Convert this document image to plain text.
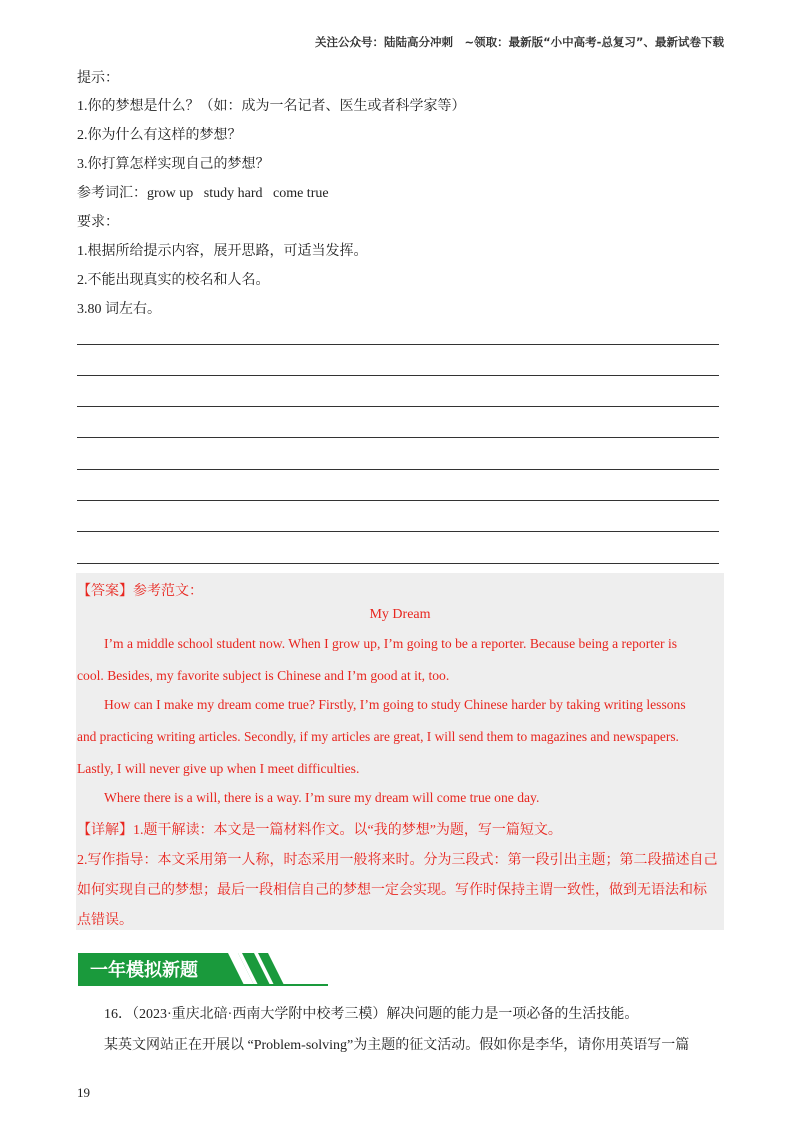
关注公众号：陆陆高分冲刺　~领取：最新版“小中高考-总复习”、最新试卷下载
提示：
1.你的梦想是什么？（如：成为一名记者、医生或者科学家等）
2.你为什么有这样的梦想？
3.你打算怎样实现自己的梦想？
参考词汇：grow up   study hard   come true
要求：
1.根据所给提示内容，展开思路，可适当发挥。
2.不能出现真实的校名和人名。
3.80 词左右。
【答案】参考范文：
My Dream
I’m a middle school student now. When I grow up, I’m going to be a reporter. Because being a reporter is
cool. Besides, my favorite subject is Chinese and I’m good at it, too.
How can I make my dream come true? Firstly, I’m going to study Chinese harder by taking writing lessons
and practicing writing articles. Secondly, if my articles are great, I will send them to magazines and newspapers.
Lastly, I will never give up when I meet difficulties.
Where there is a will, there is a way. I’m sure my dream will come true one day.
【详解】1.题干解读：本文是一篇材料作文。以“我的梦想”为题，写一篇短文。
2.写作指导：本文采用第一人称，时态采用一般将来时。分为三段式：第一段引出主题；第二段描述自己
如何实现自己的梦想；最后一段相信自己的梦想一定会实现。写作时保持主谓一致性，做到无语法和标
点错误。
一年模拟新题
16．（2023·重庆北碚·西南大学附中校考三模）解决问题的能力是一项必备的生活技能。
某英文网站正在开展以 “Problem-solving”为主题的征文活动。假如你是李华，请你用英语写一篇
19
